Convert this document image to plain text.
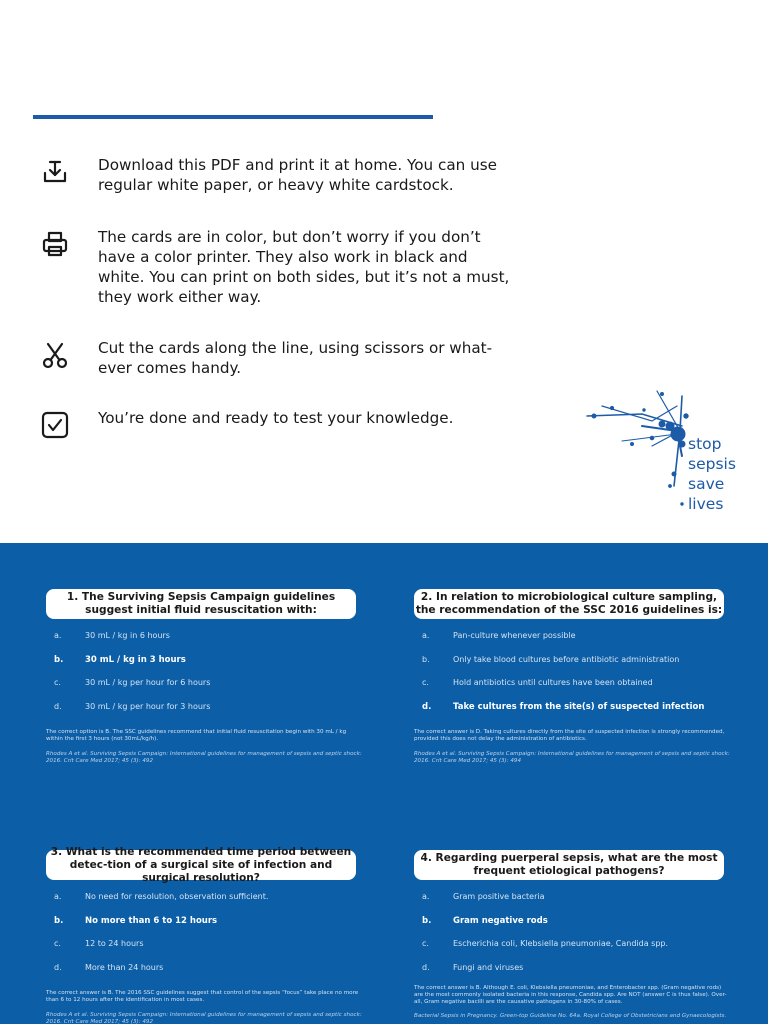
Download this PDF and print it at home. You can use regular white paper, or heavy white cardstock.
The cards are in color, but don’t worry if you don’t have a color printer. They also work in black and white. You can print on both sides, but it’s not a must, they work either way.
Cut the cards along the line, using scissors or what-ever comes handy.
You’re done and ready to test your knowledge.
stop
sepsis
save
lives
1. The Surviving Sepsis Campaign guidelines suggest initial fluid resuscitation with:
a.	30 mL / kg in 6 hours
b.	30 mL / kg in 3 hours
c.	30 mL / kg per hour for 6 hours
d.	30 mL / kg per hour for 3 hours
The correct option is B. The SSC guidelines recommend that initial fluid resuscitation begin with 30 mL / kg within the first 3 hours (not 30mL/kg/h).
Rhodes A et al. Surviving Sepsis Campaign: International guidelines for management of sepsis and septic shock: 2016. Crit Care Med 2017; 45 (3): 492
2. In relation to microbiological culture sampling, the recommendation of the SSC 2016 guidelines is:
a.	Pan-culture whenever possible
b.	Only take blood cultures before antibiotic administration
c.	Hold antibiotics until cultures have been obtained
d.	Take cultures from the site(s) of suspected infection
The correct answer is D. Taking cultures directly from the site of suspected infection is strongly recommended, provided this does not delay the administration of antibiotics.
Rhodes A et al. Surviving Sepsis Campaign: International guidelines for management of sepsis and septic shock: 2016. Crit Care Med 2017; 45 (3): 494
3. What is the recommended time period between detec-tion of a surgical site of infection and surgical resolution?
a.	No need for resolution, observation sufficient.
b.	No more than 6 to 12 hours
c.	12 to 24 hours
d.	More than 24 hours
The correct answer is B. The 2016 SSC guidelines suggest that control of the sepsis “focus” take place no more than 6 to 12 hours after the identification in most cases.
Rhodes A et al. Surviving Sepsis Campaign: International guidelines for management of sepsis and septic shock: 2016. Crit Care Med 2017; 45 (3): 492
4. Regarding puerperal sepsis, what are the most frequent etiological pathogens?
a.	Gram positive bacteria
b.	Gram negative rods
c.	Escherichia coli, Klebsiella pneumoniae, Candida spp.
d.	Fungi and viruses
The correct answer is B. Although E. coli, Klebsiella pneumoniae, and Enterobacter spp. (Gram negative rods) are the most commonly isolated bacteria in this response, Candida spp. Are NOT (answer C is thus false). Over-all, Gram negative bacilli are the causative pathogens in 30-80% of cases.
Bacterial Sepsis in Pregnancy. Green-top Guideline No. 64a. Royal College of Obstetricians and Gynaecologists.
